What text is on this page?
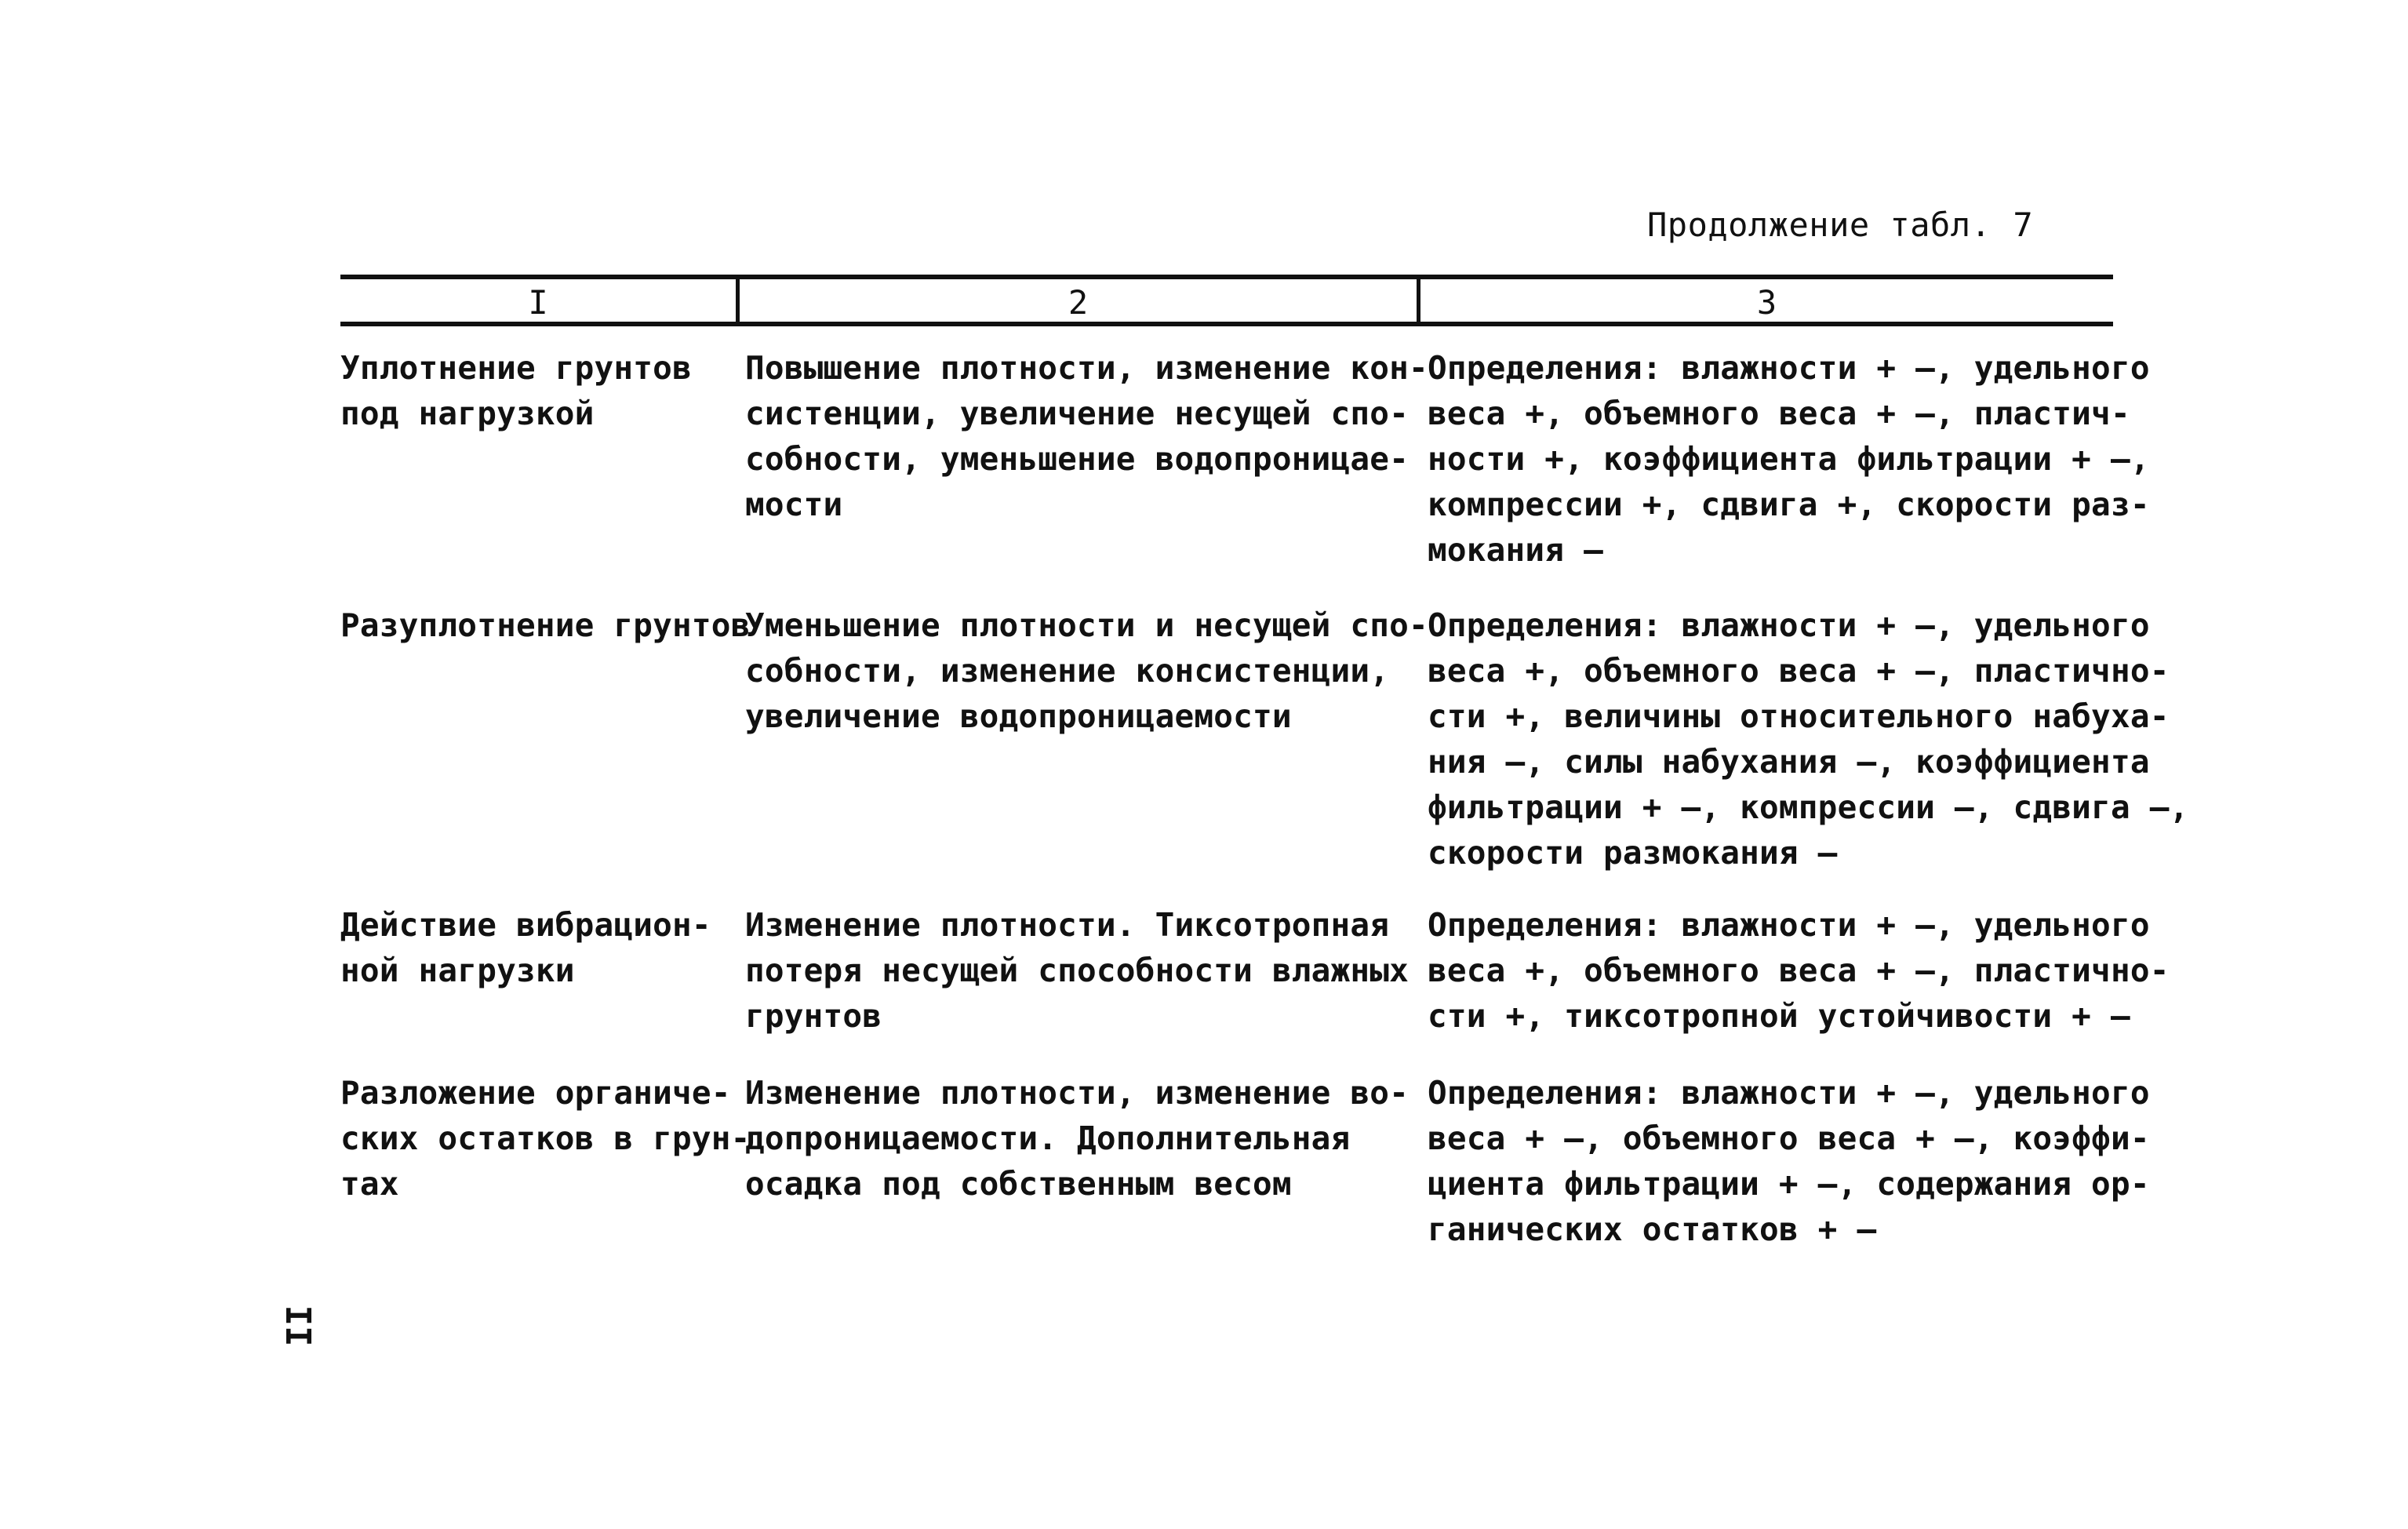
Продолжение табл. 7
I	2	3
Уплотнение грунтов
под нагрузкой
Повышение плотности, изменение кон-
систенции, увеличение несущей спо-
собности, уменьшение водопроницае-
мости
Определения: влажности + –, удельного
веса +, объемного веса + –, пластич-
ности +, коэффициента фильтрации + –,
компрессии +, сдвига +, скорости раз-
мокания –
Разуплотнение грунтов
Уменьшение плотности и несущей спо-
собности, изменение консистенции,
увеличение водопроницаемости
Определения: влажности + –, удельного
веса +, объемного веса + –, пластично-
сти +, величины относительного набуха-
ния –, силы набухания –, коэффициента
фильтрации + –, компрессии –, сдвига –,
скорости размокания –
Действие вибрацион-
ной нагрузки
Изменение плотности. Тиксотропная
потеря несущей способности влажных
грунтов
Определения: влажности + –, удельного
веса +, объемного веса + –, пластично-
сти +, тиксотропной устойчивости + –
Разложение органиче-
ских остатков в грун-
тах
Изменение плотности, изменение во-
допроницаемости. Дополнительная
осадка под собственным весом
Определения: влажности + –, удельного
веса + –, объемного веса + –, коэффи-
циента фильтрации + –, содержания ор-
ганических остатков + –
II
